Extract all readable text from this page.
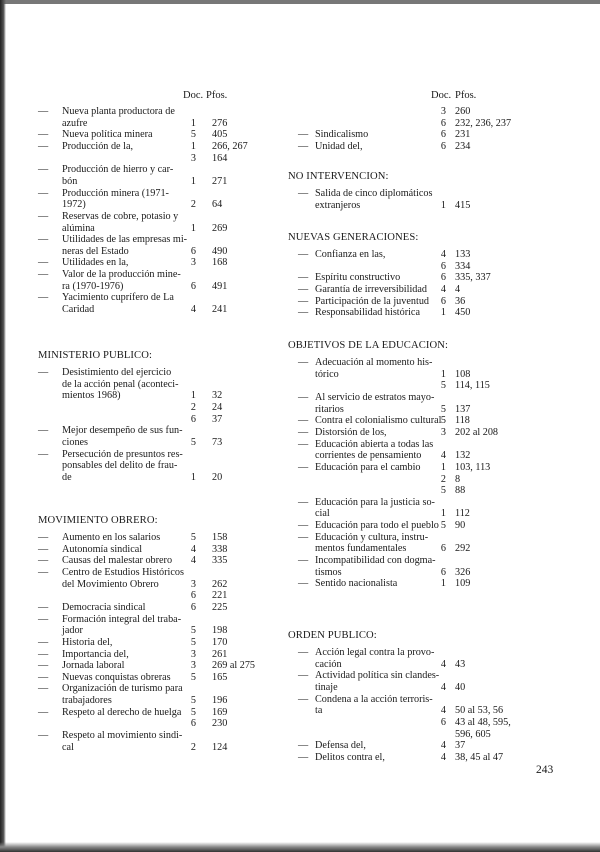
Doc. Pfos.
— Nueva planta productora de
azufre	1 276
— Nueva política minera	5 405
— Producción de la,	1 266, 267
3 164
— Producción de hierro y car-
bón	1 271
— Producción minera (1971-
1972)	2 64
— Reservas de cobre, potasio y
alúmina	1 269
— Utilidades de las empresas mi-
neras del Estado	6 490
— Utilidades en la,	3 168
— Valor de la producción mine-
ra (1970-1976)	6 491
— Yacimiento cuprífero de La
Caridad	4 241
MINISTERIO PUBLICO:
— Desistimiento del ejercicio
de la acción penal (aconteci-
mientos 1968)	1 32
2 24
6 37
— Mejor desempeño de sus fun-
ciones	5 73
— Persecución de presuntos res-
ponsables del delito de frau-
de	1 20
MOVIMIENTO OBRERO:
— Aumento en los salarios	5 158
— Autonomía sindical	4 338
— Causas del malestar obrero	4 335
— Centro de Estudios Históricos
del Movimiento Obrero	3 262
6 221
— Democracia sindical	6 225
— Formación integral del traba-
jador	5 198
— Historia del,	5 170
— Importancia del,	3 261
— Jornada laboral	3 269 al 275
— Nuevas conquistas obreras	5 165
— Organización de turismo para
trabajadores	5 196
— Respeto al derecho de huelga 5 169
6 230
— Respeto al movimiento sindi-
cal	2 124
Doc. Pfos.
3 260
6 232, 236, 237
— Sindicalismo	6 231
— Unidad del,	6 234
NO INTERVENCION:
— Salida de cinco diplomáticos
extranjeros	1 415
NUEVAS GENERACIONES:
— Confianza en las,	4 133
6 334
— Espíritu constructivo	6 335, 337
— Garantía de irreversibilidad	4 4
— Participación de la juventud	6 36
— Responsabilidad histórica	1 450
OBJETIVOS DE LA EDUCACION:
— Adecuación al momento his-
tórico	1 108
5 114, 115
— Al servicio de estratos mayo-
ritarios	5 137
— Contra el colonialismo cultural 5 118
— Distorsión de los,	3 202 al 208
— Educación abierta a todas las
corrientes de pensamiento	4 132
— Educación para el cambio	1 103, 113
2 8
5 88
— Educación para la justicia so-
cial	1 112
— Educación para todo el pueblo 5 90
— Educación y cultura, instru-
mentos fundamentales	6 292
— Incompatibilidad con dogma-
tismos	6 326
— Sentido nacionalista	1 109
ORDEN PUBLICO:
— Acción legal contra la provo-
cación	4 43
— Actividad política sin clandes-
tinaje	4 40
— Condena a la acción terroris-
ta	4 50 al 53, 56
6 43 al 48, 595,
596, 605
— Defensa del,	4 37
— Delitos contra el,	4 38, 45 al 47
243
